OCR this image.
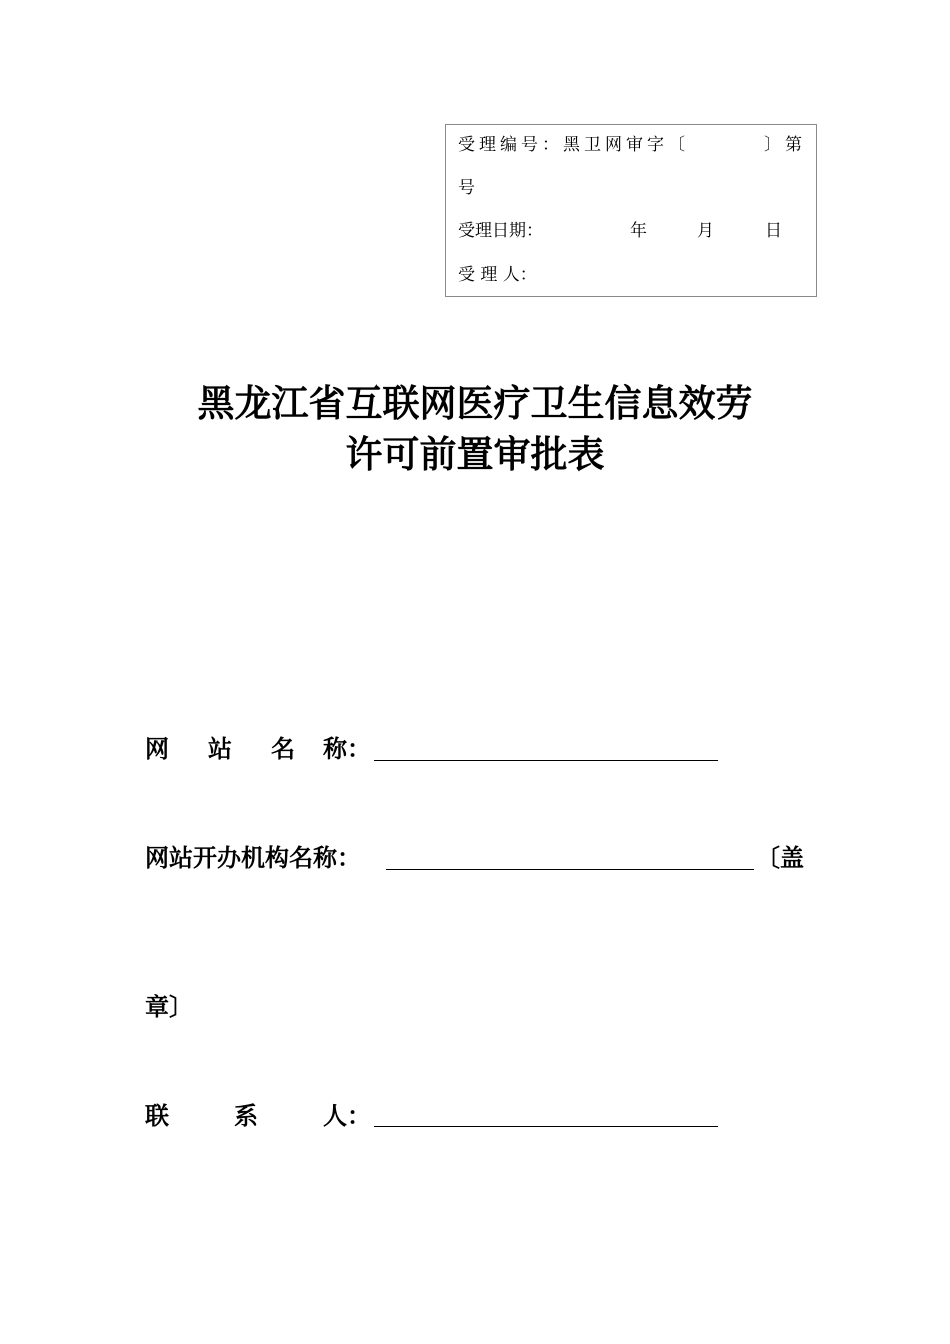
受理编号：黑卫网审字〔	〕第
号
受理日期：	年	月	日
受 理 人：
黑龙江省互联网医疗卫生信息效劳
许可前置审批表
网 站 名 称：
网站开办机构名称：	〔盖
章〕
联	系	人：
